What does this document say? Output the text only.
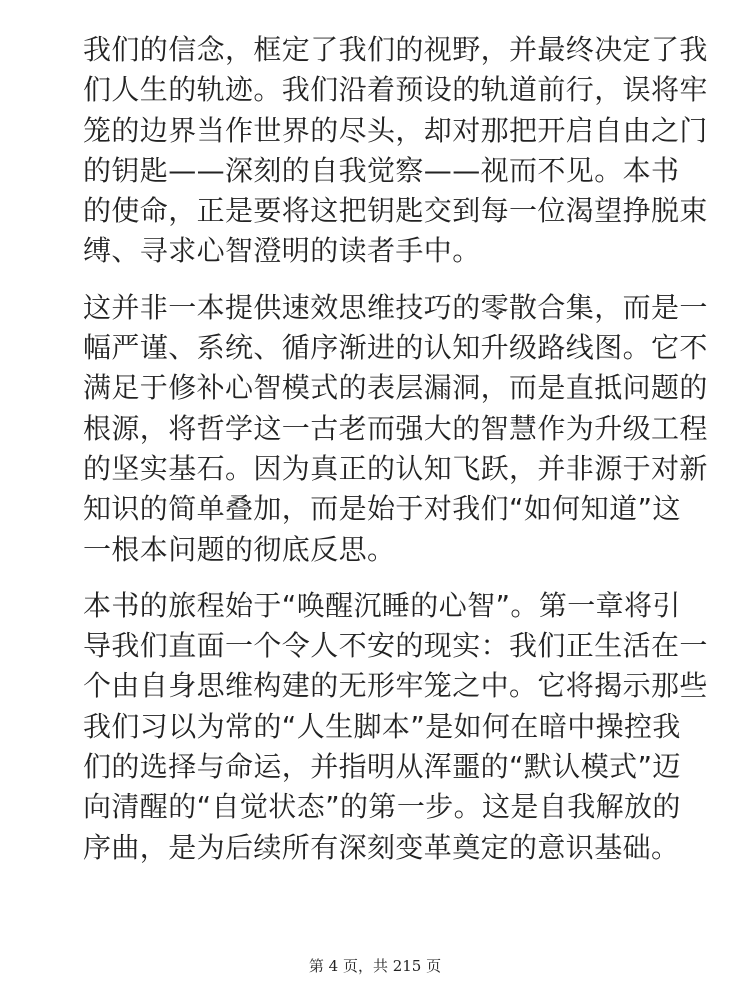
我们的信念，框定了我们的视野，并最终决定了我
们人生的轨迹。我们沿着预设的轨道前行，误将牢
笼的边界当作世界的尽头，却对那把开启自由之门
的钥匙——深刻的自我觉察——视而不见。本书
的使命，正是要将这把钥匙交到每一位渴望挣脱束
缚、寻求心智澄明的读者手中。

这并非一本提供速效思维技巧的零散合集，而是一
幅严谨、系统、循序渐进的认知升级路线图。它不
满足于修补心智模式的表层漏洞，而是直抵问题的
根源，将哲学这一古老而强大的智慧作为升级工程
的坚实基石。因为真正的认知飞跃，并非源于对新
知识的简单叠加，而是始于对我们“如何知道”这
一根本问题的彻底反思。

本书的旅程始于“唤醒沉睡的心智”。第一章将引
导我们直面一个令人不安的现实：我们正生活在一
个由自身思维构建的无形牢笼之中。它将揭示那些
我们习以为常的“人生脚本”是如何在暗中操控我
们的选择与命运，并指明从浑噩的“默认模式”迈
向清醒的“自觉状态”的第一步。这是自我解放的
序曲，是为后续所有深刻变革奠定的意识基础。

第 4 页，共 215 页
